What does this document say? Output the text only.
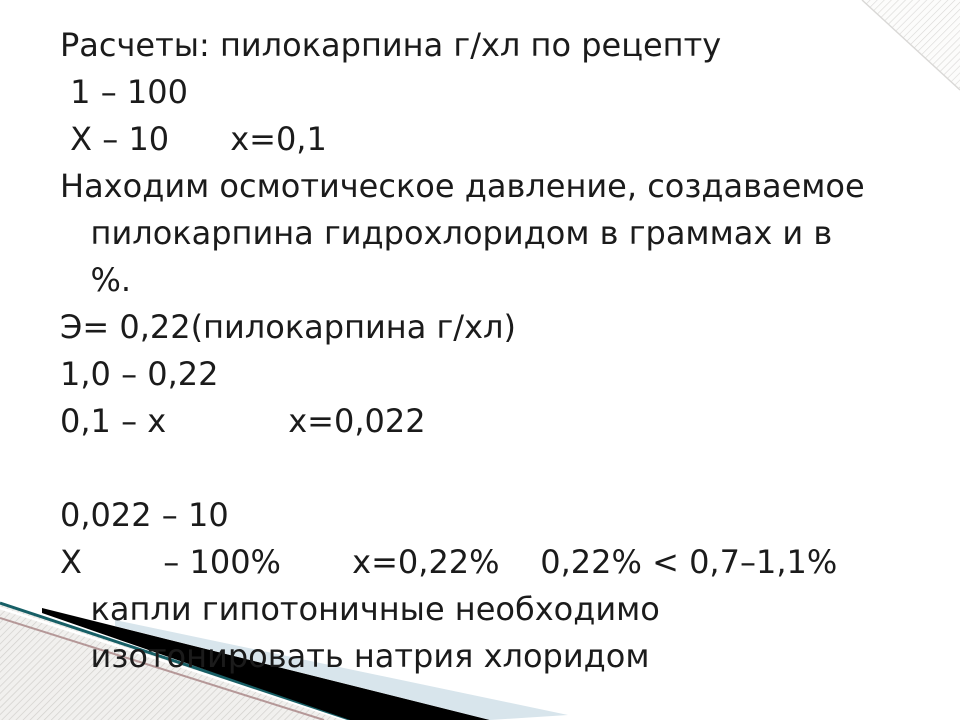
Расчеты: пилокарпина г/хл по рецепту
1 – 100
Х – 10      х=0,1
Находим осмотическое давление, создаваемое
пилокарпина гидрохлоридом в граммах и в
%.
Э= 0,22(пилокарпина г/хл)
1,0 – 0,22
0,1 – х            х=0,022

0,022 – 10
Х        – 100%       х=0,22%    0,22% < 0,7–1,1%
капли гипотоничные необходимо
изотонировать натрия хлоридом
